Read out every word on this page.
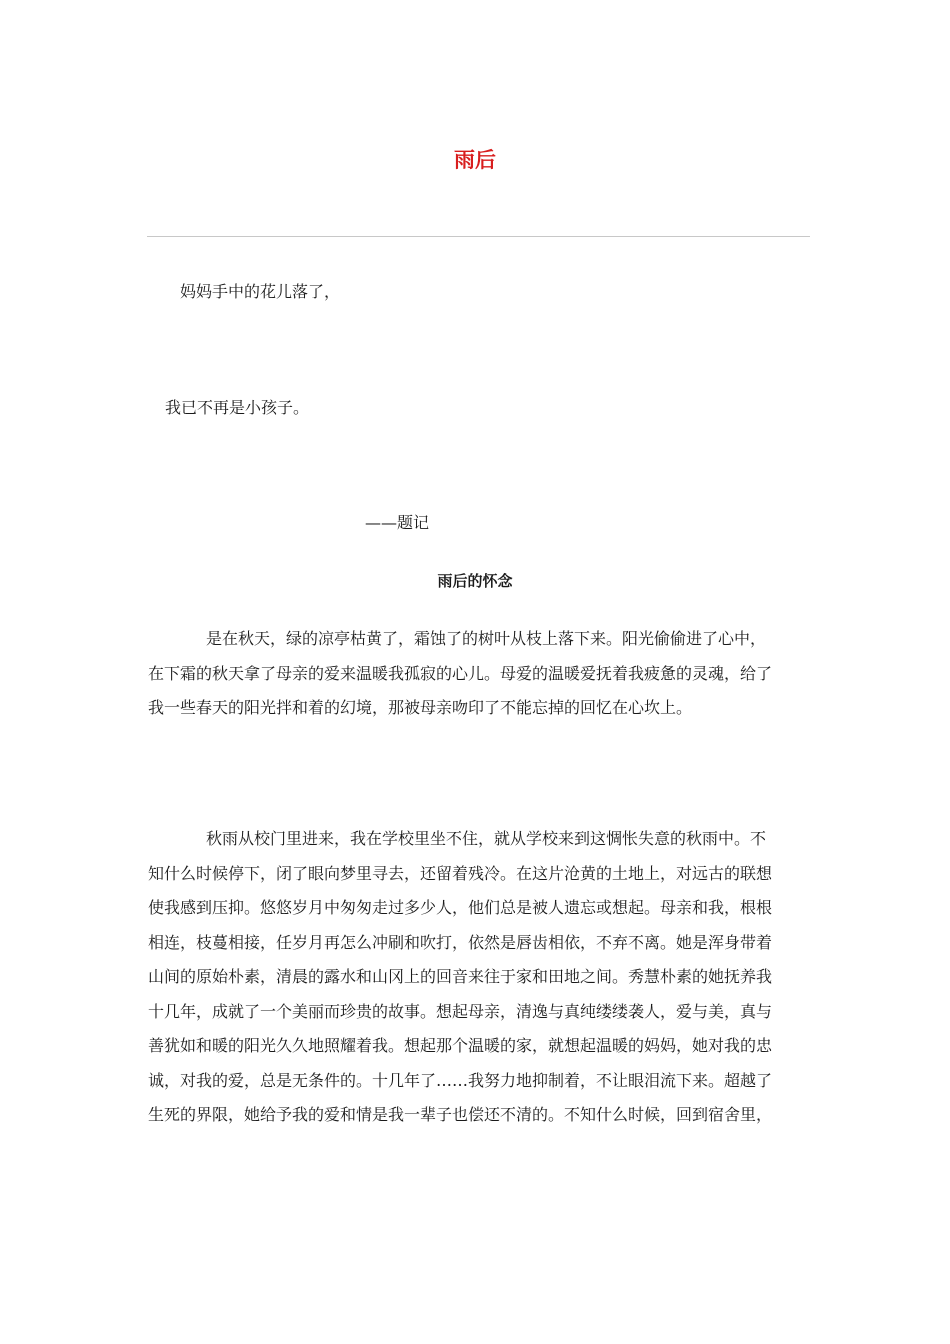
雨后
妈妈手中的花儿落了，
我已不再是小孩子。
——题记
雨后的怀念
是在秋天，绿的凉亭枯黄了，霜蚀了的树叶从枝上落下来。阳光偷偷进了心中，
在下霜的秋天拿了母亲的爱来温暖我孤寂的心儿。母爱的温暖爱抚着我疲惫的灵魂，给了
我一些春天的阳光拌和着的幻境，那被母亲吻印了不能忘掉的回忆在心坎上。
秋雨从校门里进来，我在学校里坐不住，就从学校来到这惆怅失意的秋雨中。不
知什么时候停下，闭了眼向梦里寻去，还留着残冷。在这片沧黄的土地上，对远古的联想
使我感到压抑。悠悠岁月中匆匆走过多少人，他们总是被人遗忘或想起。母亲和我，根根
相连，枝蔓相接，任岁月再怎么冲刷和吹打，依然是唇齿相依，不弃不离。她是浑身带着
山间的原始朴素，清晨的露水和山冈上的回音来往于家和田地之间。秀慧朴素的她抚养我
十几年，成就了一个美丽而珍贵的故事。想起母亲，清逸与真纯缕缕袭人，爱与美，真与
善犹如和暖的阳光久久地照耀着我。想起那个温暖的家，就想起温暖的妈妈，她对我的忠
诚，对我的爱，总是无条件的。十几年了……我努力地抑制着，不让眼泪流下来。超越了
生死的界限，她给予我的爱和情是我一辈子也偿还不清的。不知什么时候，回到宿舍里，
